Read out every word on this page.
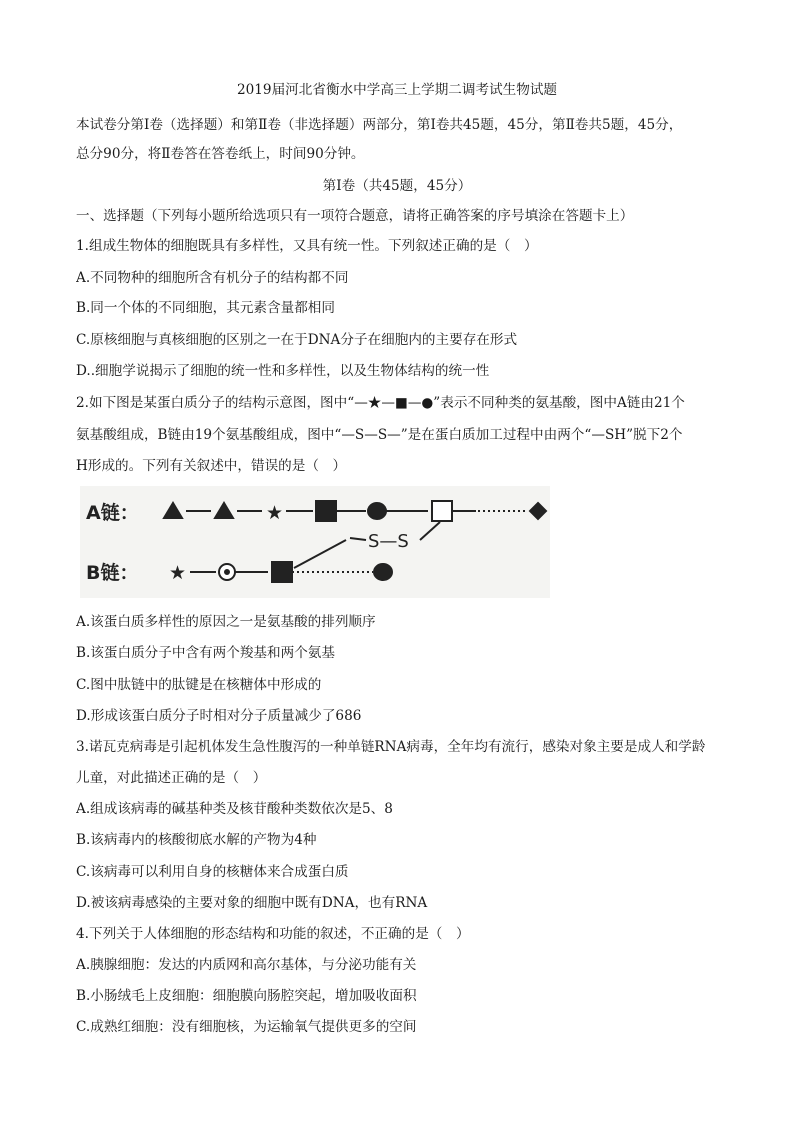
2019届河北省衡水中学高三上学期二调考试生物试题
本试卷分第Ⅰ卷（选择题）和第Ⅱ卷（非选择题）两部分，第Ⅰ卷共45题，45分，第Ⅱ卷共5题，45分，
总分90分，将Ⅱ卷答在答卷纸上，时间90分钟。
第Ⅰ卷（共45题，45分）
一、选择题（下列每小题所给选项只有一项符合题意，请将正确答案的序号填涂在答题卡上）
1.组成生物体的细胞既具有多样性，又具有统一性。下列叙述正确的是（　）
A.不同物种的细胞所含有机分子的结构都不同
B.同一个体的不同细胞，其元素含量都相同
C.原核细胞与真核细胞的区别之一在于DNA分子在细胞内的主要存在形式
D..细胞学说揭示了细胞的统一性和多样性，以及生物体结构的统一性
2.如下图是某蛋白质分子的结构示意图，图中“—★—■—●”表示不同种类的氨基酸，图中A链由21个
氨基酸组成，B链由19个氨基酸组成，图中“—S—S—”是在蛋白质加工过程中由两个“—SH”脱下2个
H形成的。下列有关叙述中，错误的是（　）
A链：	★
S—S
B链： ★
A.该蛋白质多样性的原因之一是氨基酸的排列顺序
B.该蛋白质分子中含有两个羧基和两个氨基
C.图中肽链中的肽键是在核糖体中形成的
D.形成该蛋白质分子时相对分子质量减少了686
3.诺瓦克病毒是引起机体发生急性腹泻的一种单链RNA病毒，全年均有流行，感染对象主要是成人和学龄
儿童，对此描述正确的是（　）
A.组成该病毒的碱基种类及核苷酸种类数依次是5、8
B.该病毒内的核酸彻底水解的产物为4种
C.该病毒可以利用自身的核糖体来合成蛋白质
D.被该病毒感染的主要对象的细胞中既有DNA，也有RNA
4.下列关于人体细胞的形态结构和功能的叙述，不正确的是（　）
A.胰腺细胞：发达的内质网和高尔基体，与分泌功能有关
B.小肠绒毛上皮细胞：细胞膜向肠腔突起，增加吸收面积
C.成熟红细胞：没有细胞核，为运输氧气提供更多的空间
